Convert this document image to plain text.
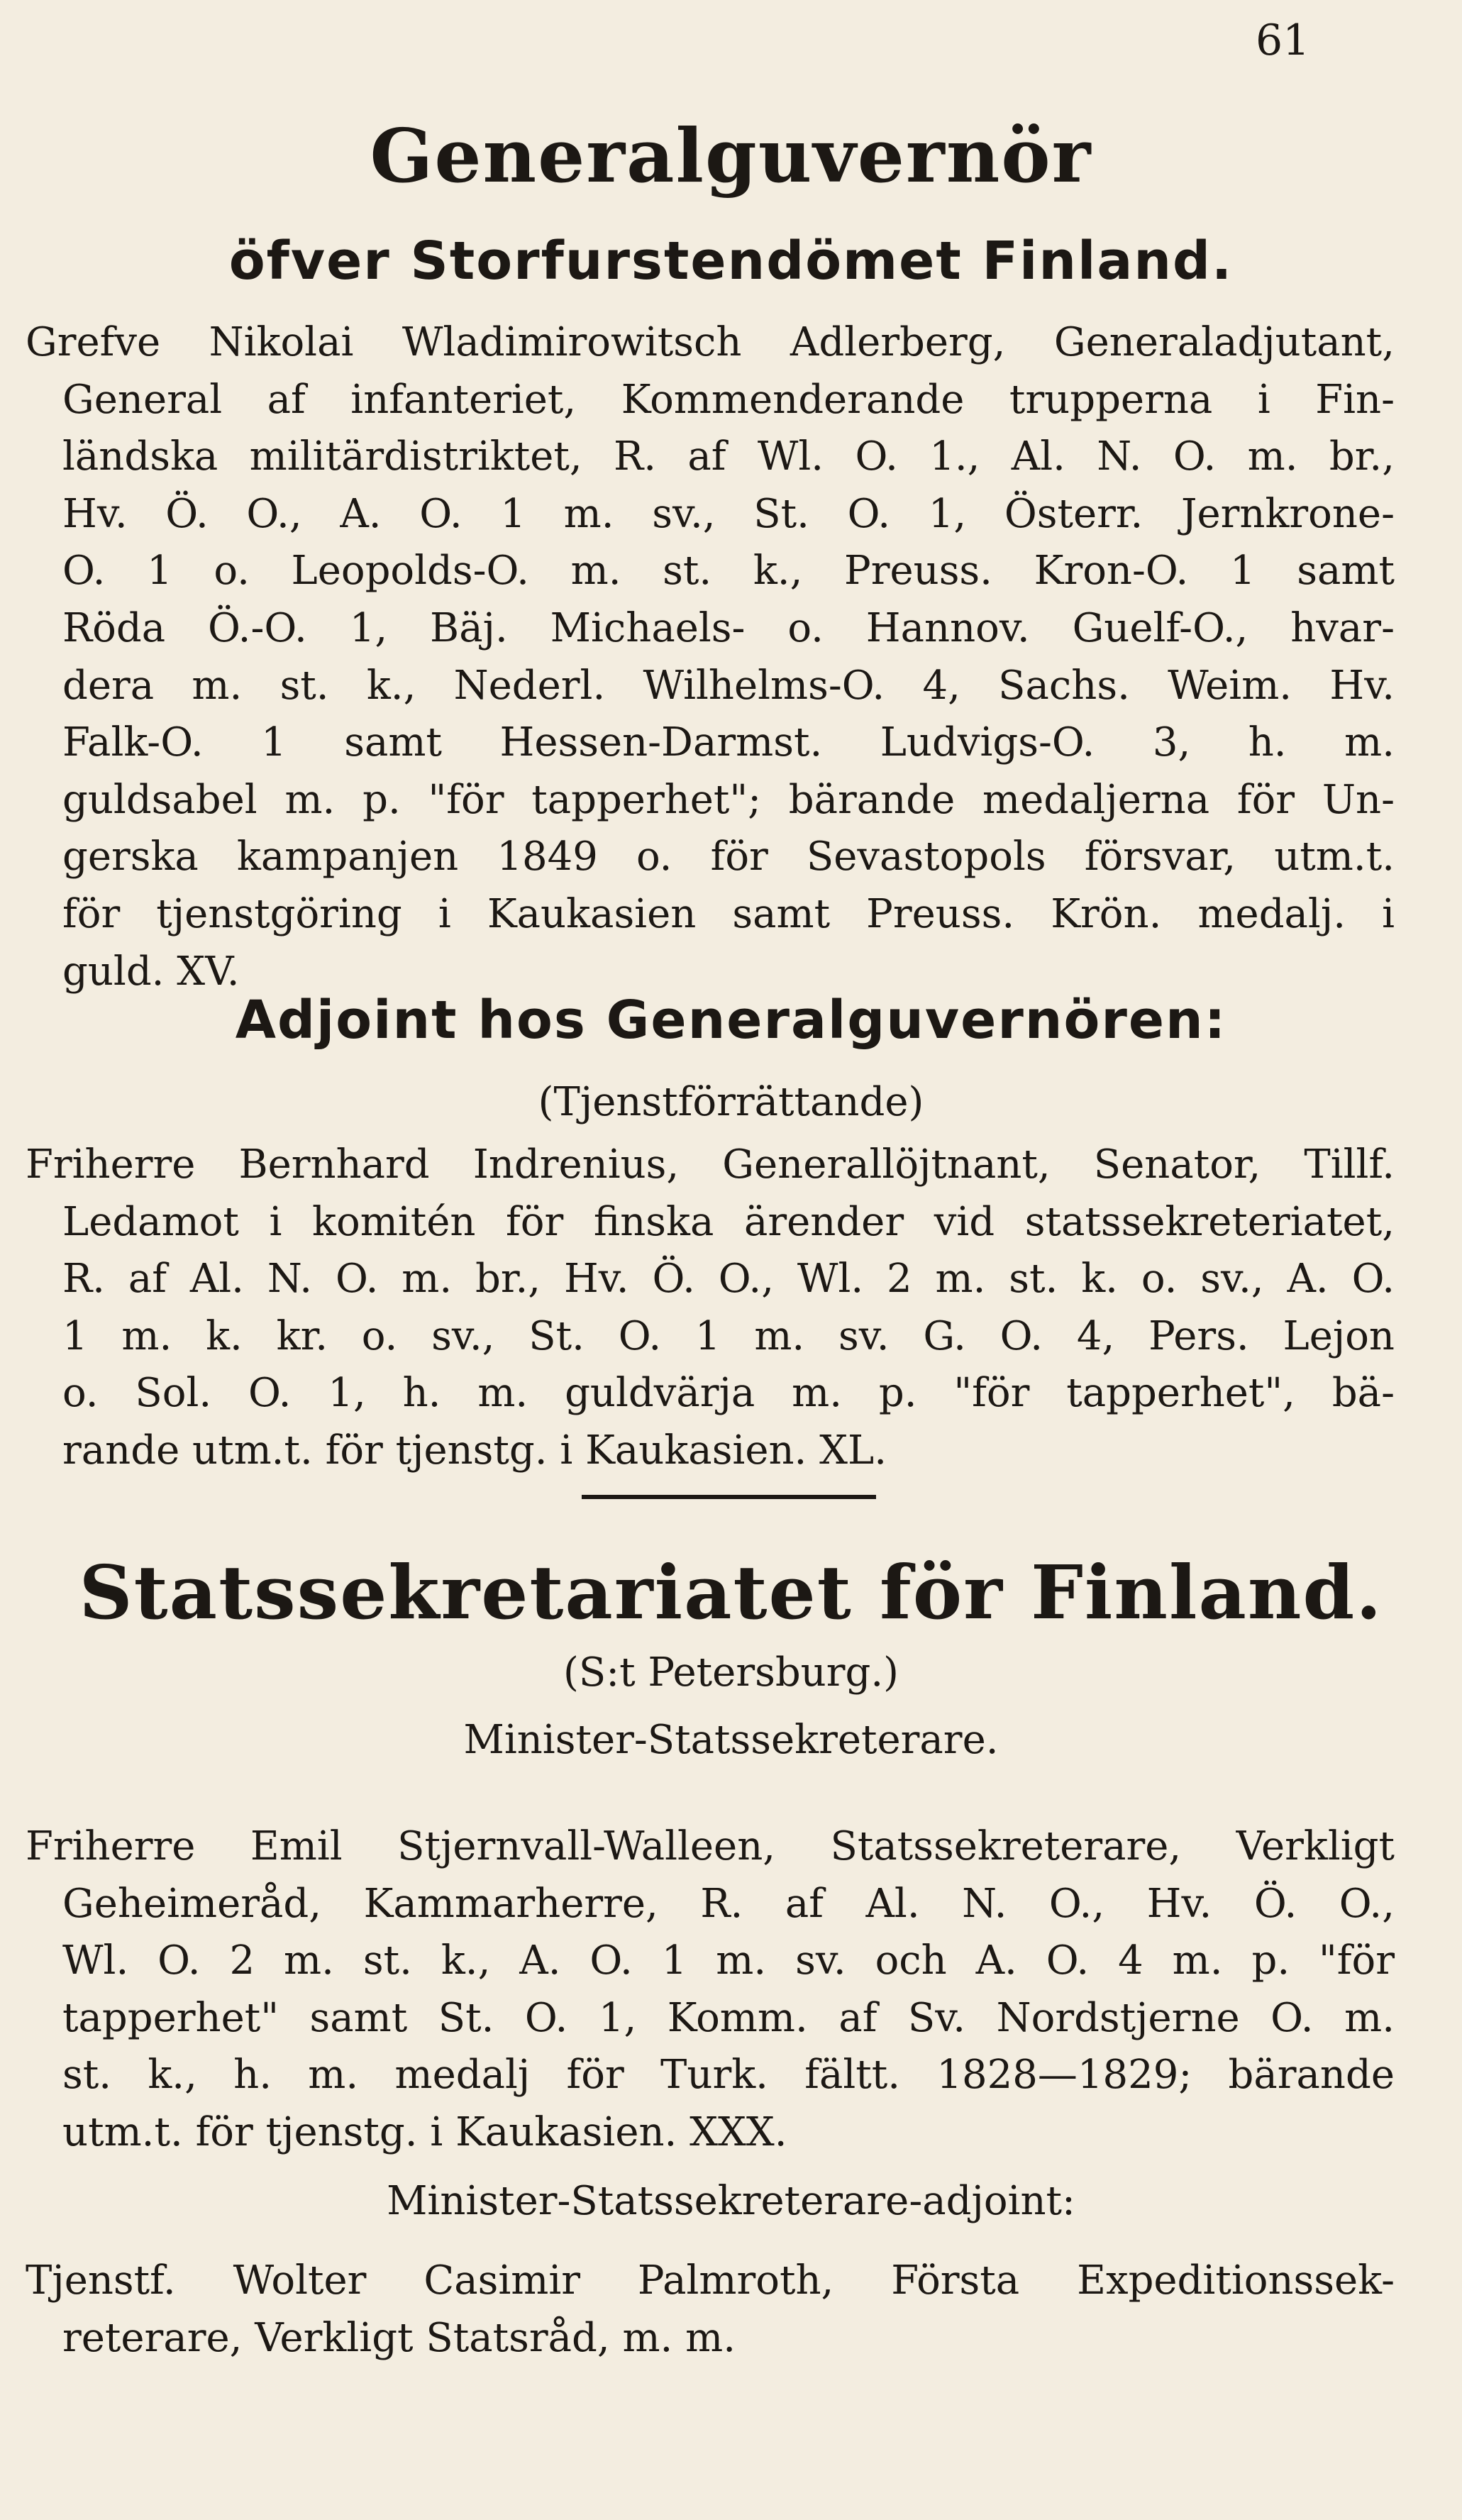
61
Generalguvernör
öfver Storfurstendömet Finland.
Grefve Nikolai Wladimirowitsch Adlerberg, Generaladjutant,
General af infanteriet, Kommenderande trupperna i Fin-
ländska militärdistriktet, R. af Wl. O. 1., Al. N. O. m. br.,
Hv. Ö. O., A. O. 1 m. sv., St. O. 1, Österr. Jernkrone-
O. 1 o. Leopolds-O. m. st. k., Preuss. Kron-O. 1 samt
Röda Ö.-O. 1, Bäj. Michaels- o. Hannov. Guelf-O., hvar-
dera m. st. k., Nederl. Wilhelms-O. 4, Sachs. Weim. Hv.
Falk-O. 1 samt Hessen-Darmst. Ludvigs-O. 3, h. m.
guldsabel m. p. "för tapperhet"; bärande medaljerna för Un-
gerska kampanjen 1849 o. för Sevastopols försvar, utm.t.
för tjenstgöring i Kaukasien samt Preuss. Krön. medalj. i
guld. XV.
Adjoint hos Generalguvernören:
(Tjenstförrättande)
Friherre Bernhard Indrenius, Generallöjtnant, Senator, Tillf.
Ledamot i komitén för finska ärender vid statssekreteriatet,
R. af Al. N. O. m. br., Hv. Ö. O., Wl. 2 m. st. k. o. sv., A. O.
1 m. k. kr. o. sv., St. O. 1 m. sv. G. O. 4, Pers. Lejon
o. Sol. O. 1, h. m. guldvärja m. p. "för tapperhet", bä-
rande utm.t. för tjenstg. i Kaukasien. XL.
Statssekretariatet för Finland.
(S:t Petersburg.)
Minister-Statssekreterare.
Friherre Emil Stjernvall-Walleen, Statssekreterare, Verkligt
Geheimeråd, Kammarherre, R. af Al. N. O., Hv. Ö. O.,
Wl. O. 2 m. st. k., A. O. 1 m. sv. och A. O. 4 m. p. "för
tapperhet" samt St. O. 1, Komm. af Sv. Nordstjerne O. m.
st. k., h. m. medalj för Turk. fältt. 1828—1829; bärande
utm.t. för tjenstg. i Kaukasien. XXX.
Minister-Statssekreterare-adjoint:
Tjenstf. Wolter Casimir Palmroth, Första Expeditionssek-
reterare, Verkligt Statsråd, m. m.
